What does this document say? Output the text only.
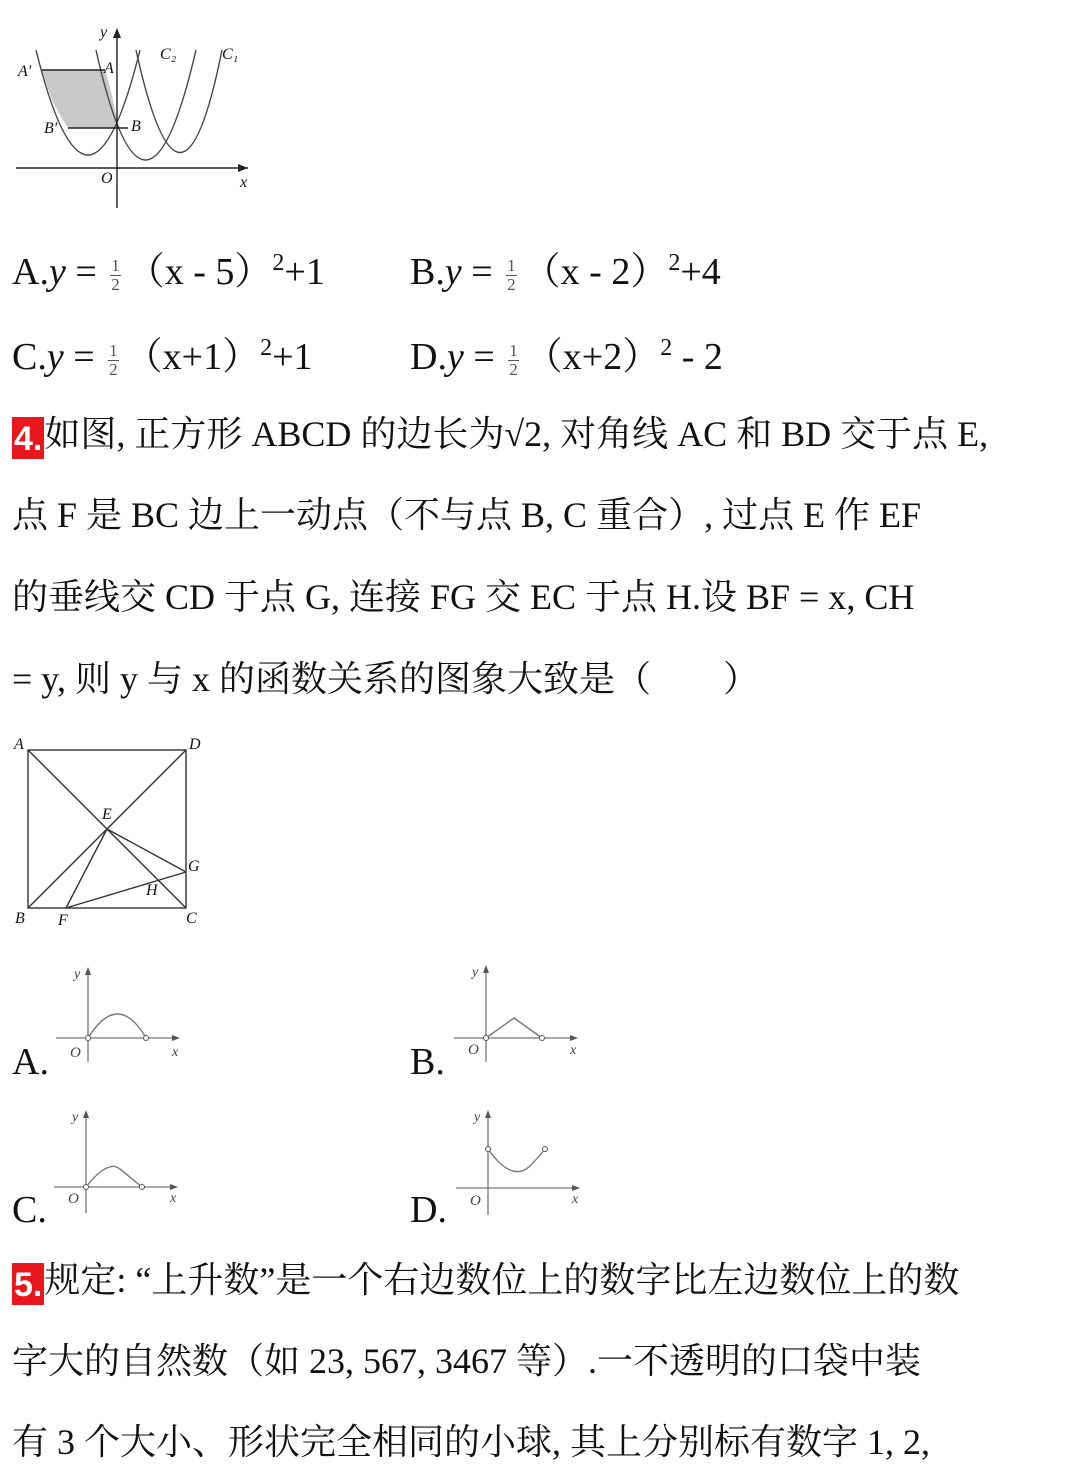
y
x
O
A′	A
B′	B
C₂	C₁
$A.y = \frac{1}{2} (x - 5)^2+1$ $B.y = \frac{1}{2} (x - 2)^2+4$
$C.y = \frac{1}{2} (x+1)^2+1$	$D.y = \frac{1}{2} (x+2)^2 - 2$
4.如图, 正方形 ABCD 的边长为√2, 对角线 AC 和 BD 交于点 E,
点 F 是 BC 边上一动点（不与点 B, C 重合）, 过点 E 作 EF
的垂线交 CD 于点 G, 连接 FG 交 EC 于点 H.设 BF = x, CH
= y, 则 y 与 x 的函数关系的图象大致是（　　）
A	D
E
G
H
B F	C
A.
y
O	x	B.
y
O	x
C.
y
O	x	D.
y
O	x
5.规定: “上升数”是一个右边数位上的数字比左边数位上的数
字大的自然数（如 23, 567, 3467 等）.一不透明的口袋中装
有 3 个大小、形状完全相同的小球, 其上分别标有数字 1, 2,
